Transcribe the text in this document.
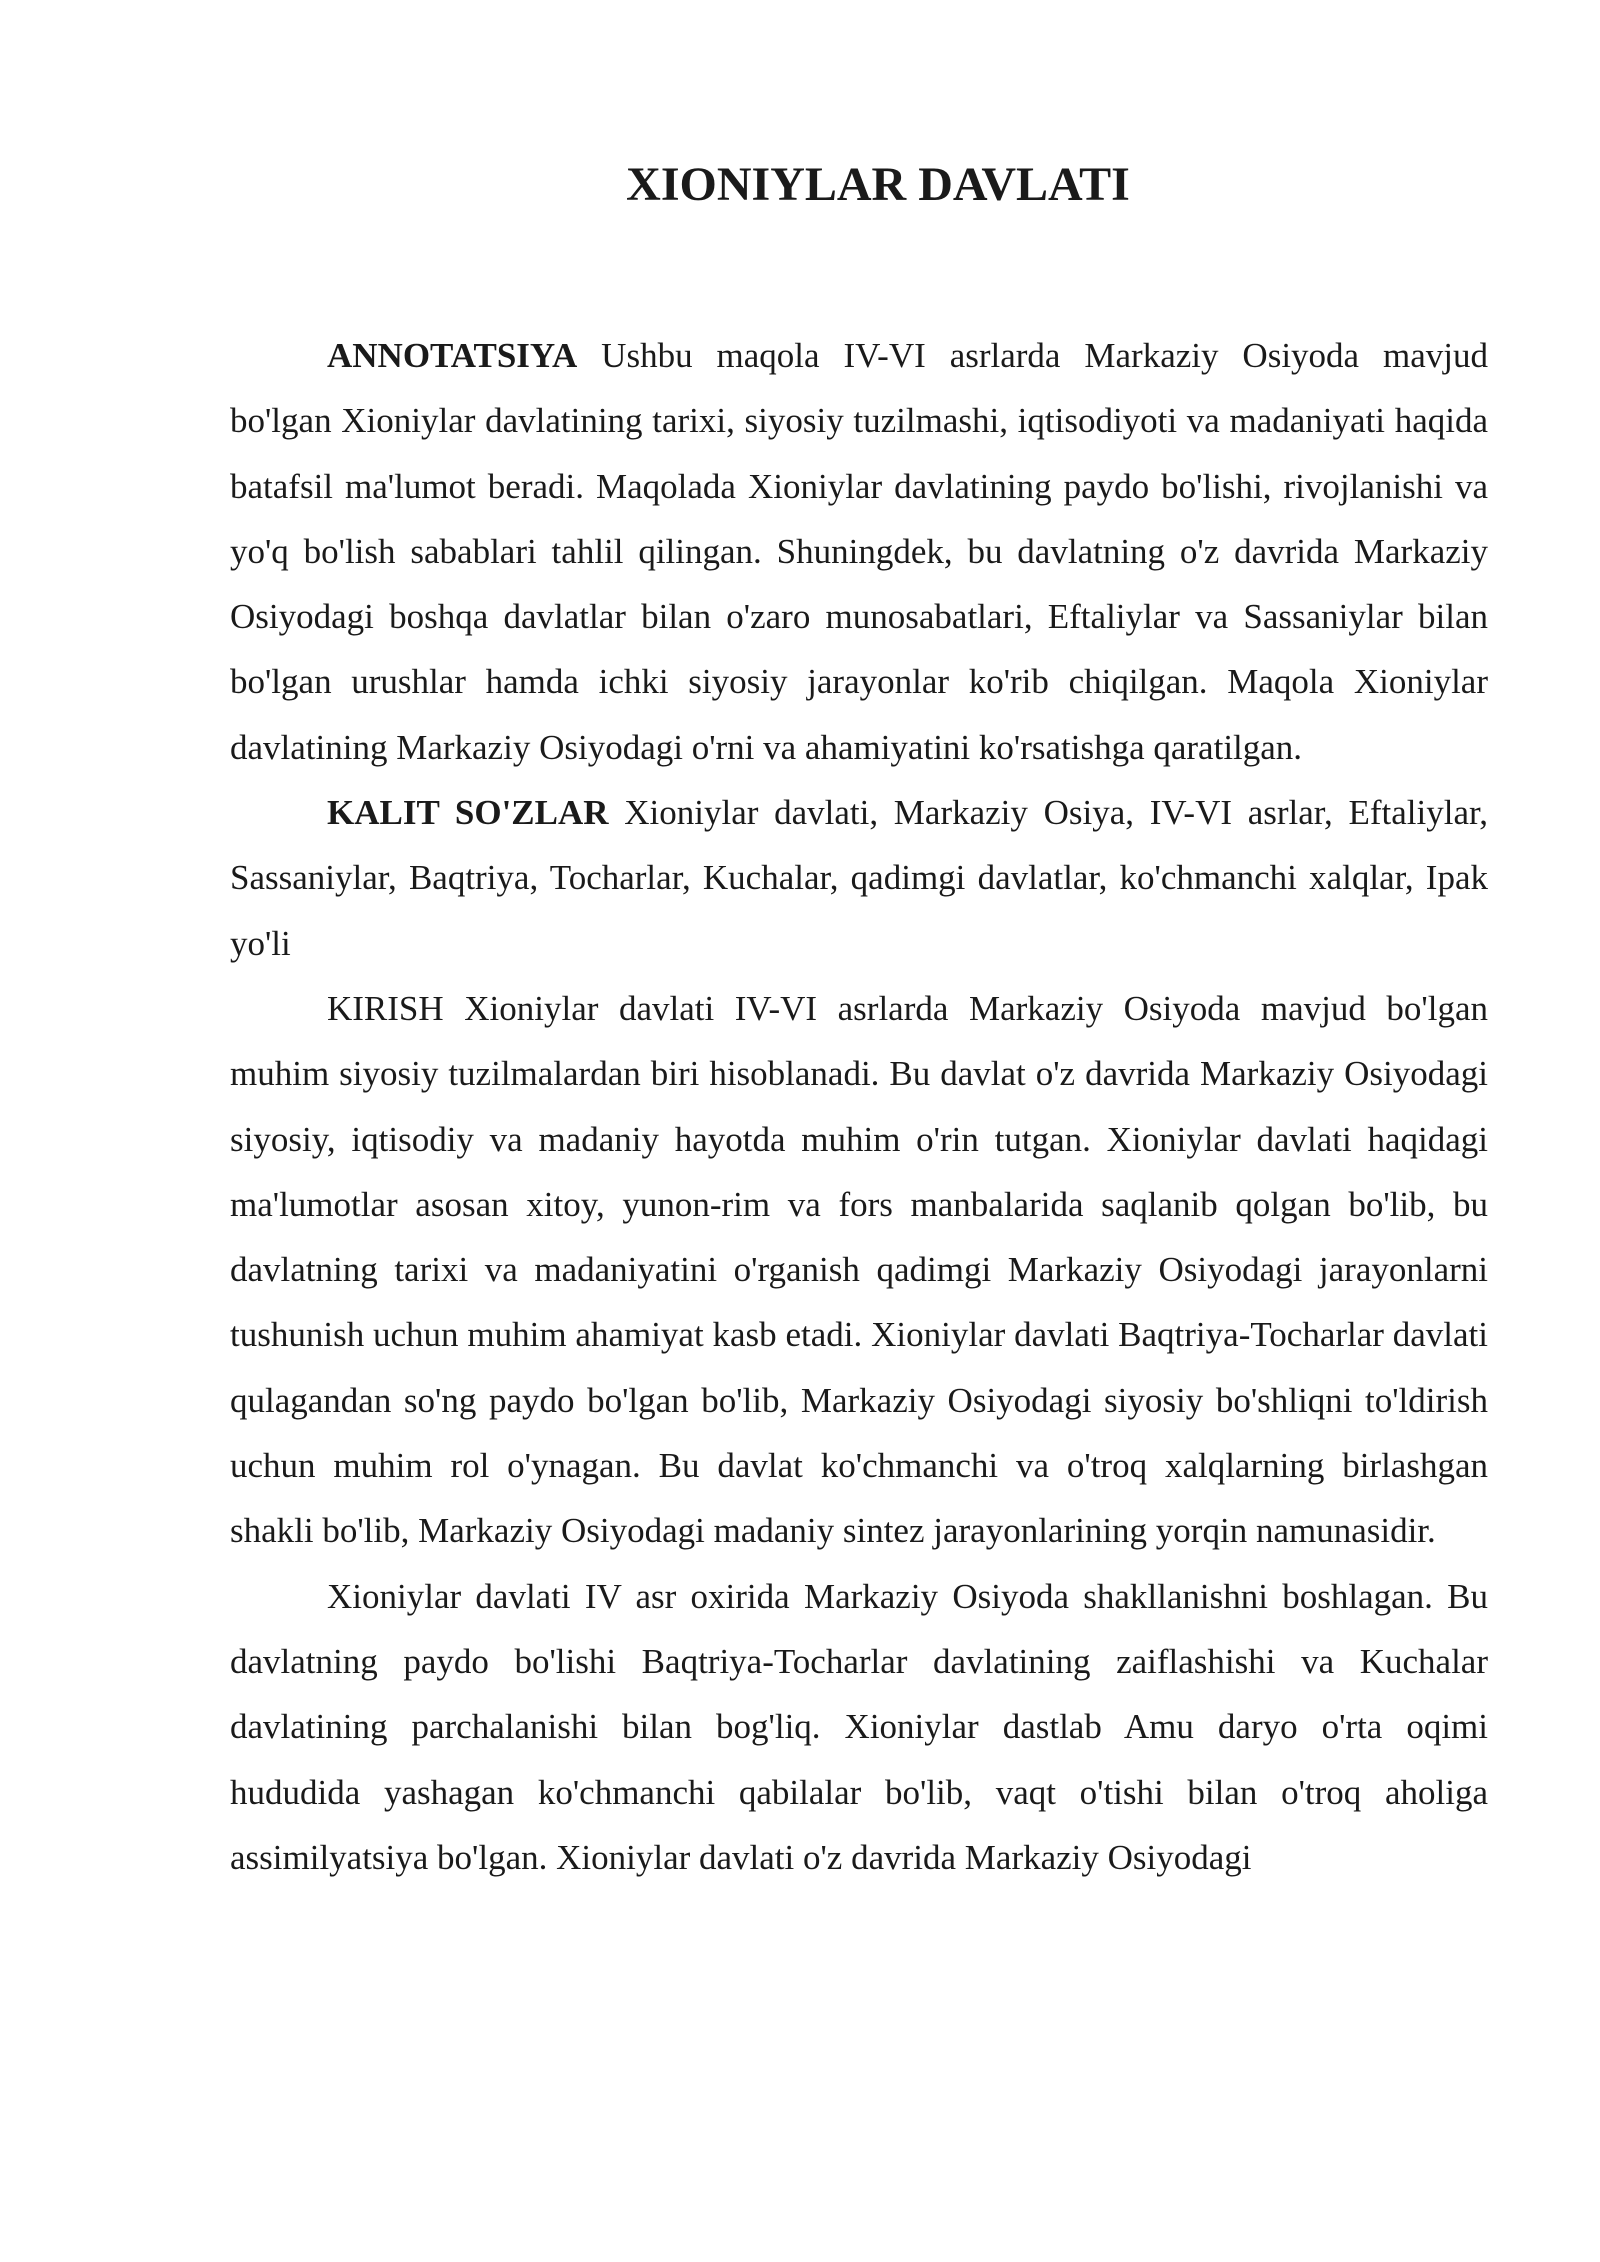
XIONIYLAR DAVLATI

ANNOTATSIYA Ushbu maqola IV-VI asrlarda Markaziy Osiyoda mavjud bo'lgan Xioniylar davlatining tarixi, siyosiy tuzilmashi, iqtisodiyoti va madaniyati haqida batafsil ma'lumot beradi. Maqolada Xioniylar davlatining paydo bo'lishi, rivojlanishi va yo'q bo'lish sabablari tahlil qilingan. Shuningdek, bu davlatning o'z davrida Markaziy Osiyodagi boshqa davlatlar bilan o'zaro munosabatlari, Eftaliylar va Sassaniylar bilan bo'lgan urushlar hamda ichki siyosiy jarayonlar ko'rib chiqilgan. Maqola Xioniylar davlatining Markaziy Osiyodagi o'rni va ahamiyatini ko'rsatishga qaratilgan.

KALIT SO'ZLAR Xioniylar davlati, Markaziy Osiya, IV-VI asrlar, Eftaliylar, Sassaniylar, Baqtriya, Tocharlar, Kuchalar, qadimgi davlatlar, ko'chmanchi xalqlar, Ipak yo'li

KIRISH Xioniylar davlati IV-VI asrlarda Markaziy Osiyoda mavjud bo'lgan muhim siyosiy tuzilmalardan biri hisoblanadi. Bu davlat o'z davrida Markaziy Osiyodagi siyosiy, iqtisodiy va madaniy hayotda muhim o'rin tutgan. Xioniylar davlati haqidagi ma'lumotlar asosan xitoy, yunon-rim va fors manbalarida saqlanib qolgan bo'lib, bu davlatning tarixi va madaniyatini o'rganish qadimgi Markaziy Osiyodagi jarayonlarni tushunish uchun muhim ahamiyat kasb etadi. Xioniylar davlati Baqtriya-Tocharlar davlati qulagandan so'ng paydo bo'lgan bo'lib, Markaziy Osiyodagi siyosiy bo'shliqni to'ldirish uchun muhim rol o'ynagan. Bu davlat ko'chmanchi va o'troq xalqlarning birlashgan shakli bo'lib, Markaziy Osiyodagi madaniy sintez jarayonlarining yorqin namunasidir.

Xioniylar davlati IV asr oxirida Markaziy Osiyoda shakllanishni boshlagan. Bu davlatning paydo bo'lishi Baqtriya-Tocharlar davlatining zaiflashishi va Kuchalar davlatining parchalanishi bilan bog'liq. Xioniylar dastlab Amu daryo o'rta oqimi hududida yashagan ko'chmanchi qabilalar bo'lib, vaqt o'tishi bilan o'troq aholiga assimilyatsiya bo'lgan. Xioniylar davlati o'z davrida Markaziy Osiyodagi
